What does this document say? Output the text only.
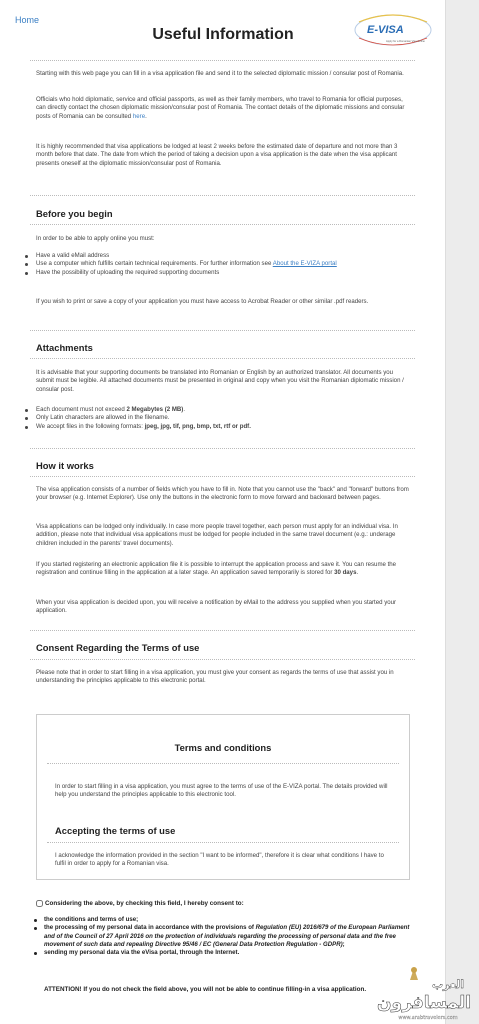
Home
Useful Information	E-VISA
Apply for a Romanian Visa Online

Starting with this web page you can fill in a visa application file and send it to the selected diplomatic mission / consular post of Romania.

Officials who hold diplomatic, service and official passports, as well as their family members, who travel to Romania for official purposes, can directly contact the chosen diplomatic mission/consular post of Romania. The contact details of the diplomatic missions and consular posts of Romania can be consulted here.

It is highly recommended that visa applications be lodged at least 2 weeks before the estimated date of departure and not more than 3 month before that date. The date from which the period of taking a decision upon a visa application is the date when the visa applicant presents oneself at the diplomatic mission/consular post of Romania.

Before you begin

In order to be able to apply online you must:

Have a valid eMail address
Use a computer which fulfills certain technical requirements. For further information see About the E-VIZA portal
Have the possibility of uploading the required supporting documents

If you wish to print or save a copy of your application you must have access to Acrobat Reader or other similar .pdf readers.

Attachments

It is advisable that your supporting documents be translated into Romanian or English by an authorized translator. All documents you submit must be legible. All attached documents must be presented in original and copy when you visit the Romanian diplomatic mission / consular post.

Each document must not exceed 2 Megabytes (2 MB).
Only Latin characters are allowed in the filename.
We accept files in the following formats: jpeg, jpg, tif, png, bmp, txt, rtf or pdf.
How it works

The visa application consists of a number of fields which you have to fill in. Note that you cannot use the "back" and "forward" buttons from your browser (e.g. Internet Explorer). Use only the buttons in the electronic form to move forward and backward between pages.

Visa applications can be lodged only individually. In case more people travel together, each person must apply for an individual visa. In addition, please note that individual visa applications must be lodged for people included in the same travel document (e.g.: underage children included in the parents' travel documents).

If you started registering an electronic application file it is possible to interrupt the application process and save it. You can resume the registration and continue filling in the application at a later stage. An application saved temporarily is stored for 30 days.

When your visa application is decided upon, you will receive a notification by eMail to the address you supplied when you started your application.

Consent Regarding the Terms of use

Please note that in order to start filling in a visa application, you must give your consent as regards the terms of use that assist you in understanding the principles applicable to this electronic portal.

Terms and conditions

In order to start filling in a visa application, you must agree to the terms of use of the E-VIZA portal. The details provided will help you understand the principles applicable to this electronic tool.

Accepting the terms of use

I acknowledge the information provided in the section "I want to be informed", therefore it is clear what conditions I have to fulfil in order to apply for a Romanian visa.

Considering the above, by checking this field, I hereby consent to:
the conditions and terms of use;
the processing of my personal data in accordance with the provisions of Regulation (EU) 2016/679 of the European Parliament and of the Council of 27 April 2016 on the protection of individuals regarding the processing of personal data and the free movement of such data and repealing Directive 95/46 / EC (General Data Protection Regulation - GDPR);
sending my personal data via the eVisa portal, through the Internet.

ATTENTION! If you do not check the field above, you will not be able to continue filling-in a visa application.	العرب
المسافرون
www.arabtravelers.com
